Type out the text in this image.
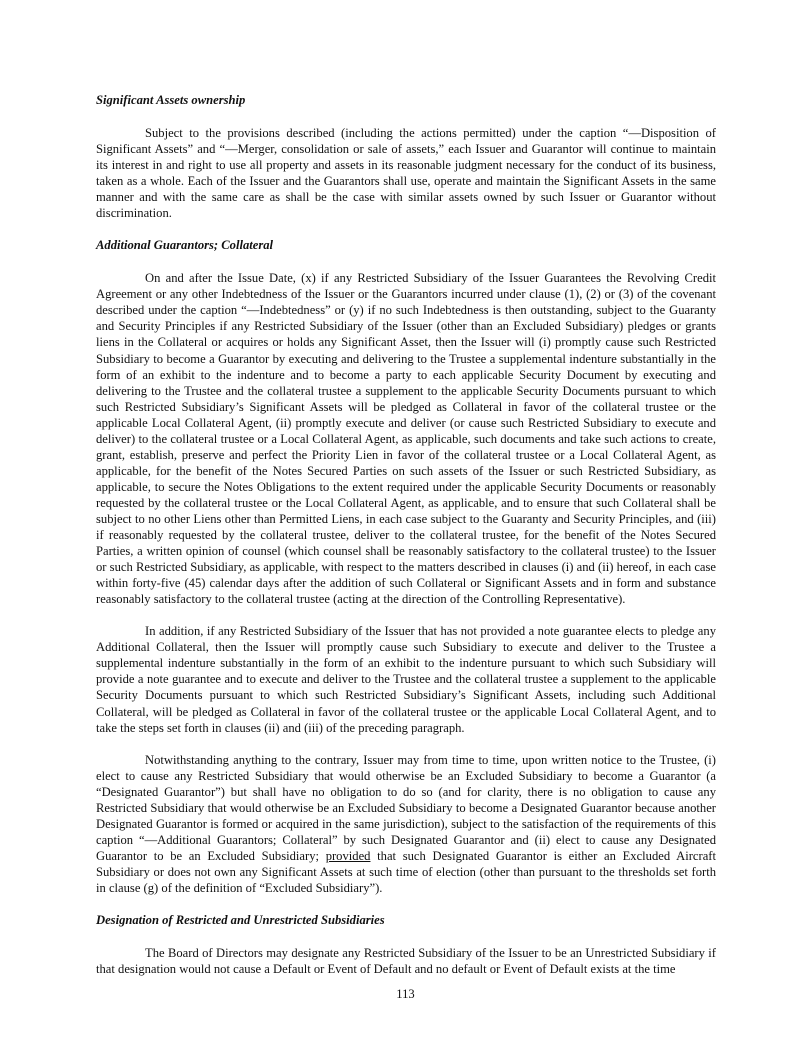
Significant Assets ownership

Subject to the provisions described (including the actions permitted) under the caption “—Disposition of Significant Assets” and “—Merger, consolidation or sale of assets,” each Issuer and Guarantor will continue to maintain its interest in and right to use all property and assets in its reasonable judgment necessary for the conduct of its business, taken as a whole. Each of the Issuer and the Guarantors shall use, operate and maintain the Significant Assets in the same manner and with the same care as shall be the case with similar assets owned by such Issuer or Guarantor without discrimination.

Additional Guarantors; Collateral

On and after the Issue Date, (x) if any Restricted Subsidiary of the Issuer Guarantees the Revolving Credit Agreement or any other Indebtedness of the Issuer or the Guarantors incurred under clause (1), (2) or (3) of the covenant described under the caption “—Indebtedness” or (y) if no such Indebtedness is then outstanding, subject to the Guaranty and Security Principles if any Restricted Subsidiary of the Issuer (other than an Excluded Subsidiary) pledges or grants liens in the Collateral or acquires or holds any Significant Asset, then the Issuer will (i) promptly cause such Restricted Subsidiary to become a Guarantor by executing and delivering to the Trustee a supplemental indenture substantially in the form of an exhibit to the indenture and to become a party to each applicable Security Document by executing and delivering to the Trustee and the collateral trustee a supplement to the applicable Security Documents pursuant to which such Restricted Subsidiary’s Significant Assets will be pledged as Collateral in favor of the collateral trustee or the applicable Local Collateral Agent, (ii) promptly execute and deliver (or cause such Restricted Subsidiary to execute and deliver) to the collateral trustee or a Local Collateral Agent, as applicable, such documents and take such actions to create, grant, establish, preserve and perfect the Priority Lien in favor of the collateral trustee or a Local Collateral Agent, as applicable, for the benefit of the Notes Secured Parties on such assets of the Issuer or such Restricted Subsidiary, as applicable, to secure the Notes Obligations to the extent required under the applicable Security Documents or reasonably requested by the collateral trustee or the Local Collateral Agent, as applicable, and to ensure that such Collateral shall be subject to no other Liens other than Permitted Liens, in each case subject to the Guaranty and Security Principles, and (iii) if reasonably requested by the collateral trustee, deliver to the collateral trustee, for the benefit of the Notes Secured Parties, a written opinion of counsel (which counsel shall be reasonably satisfactory to the collateral trustee) to the Issuer or such Restricted Subsidiary, as applicable, with respect to the matters described in clauses (i) and (ii) hereof, in each case within forty-five (45) calendar days after the addition of such Collateral or Significant Assets and in form and substance reasonably satisfactory to the collateral trustee (acting at the direction of the Controlling Representative).

In addition, if any Restricted Subsidiary of the Issuer that has not provided a note guarantee elects to pledge any Additional Collateral, then the Issuer will promptly cause such Subsidiary to execute and deliver to the Trustee a supplemental indenture substantially in the form of an exhibit to the indenture pursuant to which such Subsidiary will provide a note guarantee and to execute and deliver to the Trustee and the collateral trustee a supplement to the applicable Security Documents pursuant to which such Restricted Subsidiary’s Significant Assets, including such Additional Collateral, will be pledged as Collateral in favor of the collateral trustee or the applicable Local Collateral Agent, and to take the steps set forth in clauses (ii) and (iii) of the preceding paragraph.

Notwithstanding anything to the contrary, Issuer may from time to time, upon written notice to the Trustee, (i) elect to cause any Restricted Subsidiary that would otherwise be an Excluded Subsidiary to become a Guarantor (a “Designated Guarantor”) but shall have no obligation to do so (and for clarity, there is no obligation to cause any Restricted Subsidiary that would otherwise be an Excluded Subsidiary to become a Designated Guarantor because another Designated Guarantor is formed or acquired in the same jurisdiction), subject to the satisfaction of the requirements of this caption “—Additional Guarantors; Collateral” by such Designated Guarantor and (ii) elect to cause any Designated Guarantor to be an Excluded Subsidiary; provided that such Designated Guarantor is either an Excluded Aircraft Subsidiary or does not own any Significant Assets at such time of election (other than pursuant to the thresholds set forth in clause (g) of the definition of “Excluded Subsidiary”).

Designation of Restricted and Unrestricted Subsidiaries

The Board of Directors may designate any Restricted Subsidiary of the Issuer to be an Unrestricted Subsidiary if that designation would not cause a Default or Event of Default and no default or Event of Default exists at the time

113
